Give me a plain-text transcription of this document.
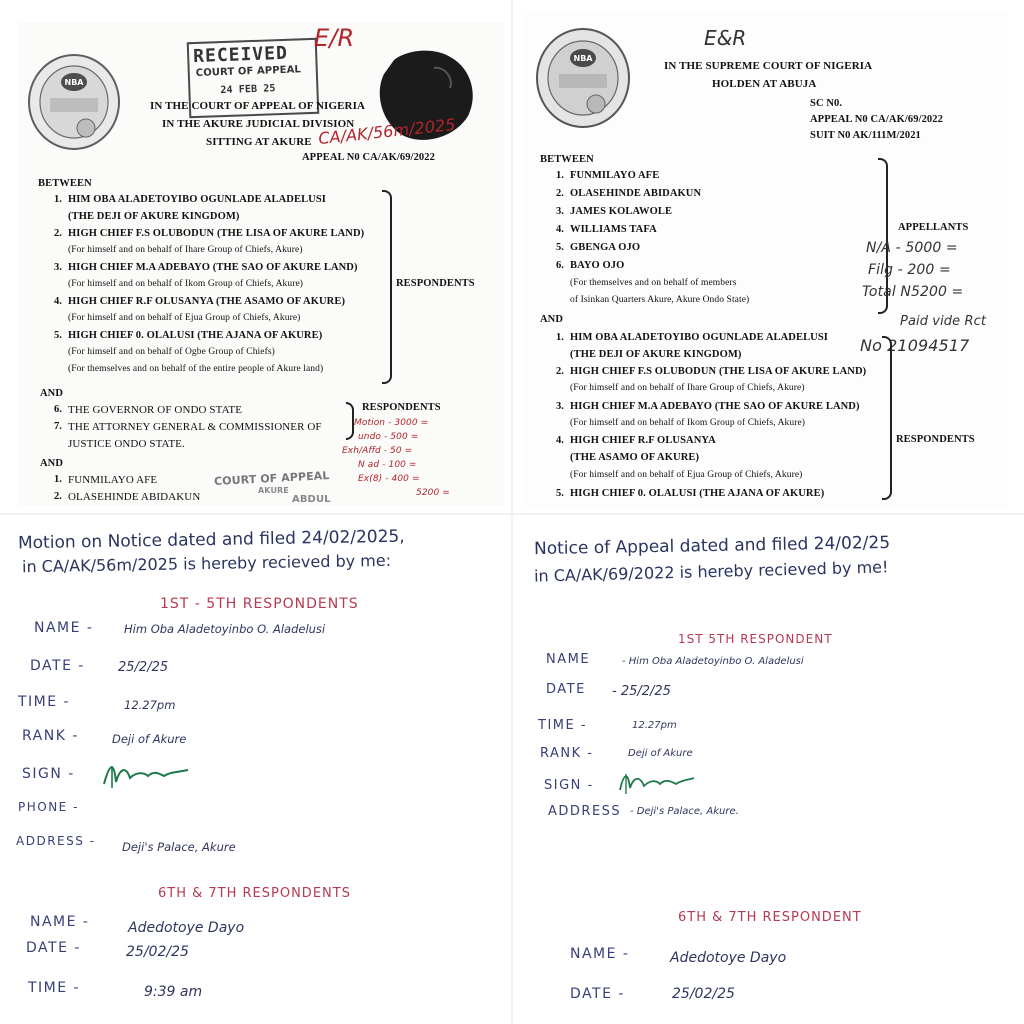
NBA
RECEIVED
COURT OF APPEAL
24 FEB 25
E/R
IN THE COURT OF APPEAL OF NIGERIA
IN THE AKURE JUDICIAL DIVISION
SITTING AT AKURE CA/AK/56m/2025
APPEAL N0 CA/AK/69/2022
BETWEEN
1. HIM OBA ALADETOYIBO OGUNLADE ALADELUSI
(THE DEJI OF AKURE KINGDOM)
2. HIGH CHIEF F.S OLUBODUN (THE LISA OF AKURE LAND)
(For himself and on behalf of Ihare Group of Chiefs, Akure)
3. HIGH CHIEF M.A ADEBAYO (THE SAO OF AKURE LAND)
(For himself and on behalf of Ikom Group of Chiefs, Akure)
4. HIGH CHIEF R.F OLUSANYA (THE ASAMO OF AKURE)
(For himself and on behalf of Ejua Group of Chiefs, Akure)
5. HIGH CHIEF 0. OLALUSI (THE AJANA OF AKURE)
(For himself and on behalf of Ogbe Group of Chiefs)
(For themselves and on behalf of the entire people of Akure land)
RESPONDENTS
AND
6. THE GOVERNOR OF ONDO STATE
7. THE ATTORNEY GENERAL & COMMISSIONER OF
JUSTICE ONDO STATE.
RESPONDENTS
Motion - 3000 =
undo - 500 =
Exh/Affd - 50 =
N ad - 100 =
Ex(8) - 400 =
5200 =
AND
1. FUNMILAYO AFE
2. OLASEHINDE ABIDAKUN
COURT OF APPEAL
AKURE
ABDUL
NBA
E&R
IN THE SUPREME COURT OF NIGERIA
HOLDEN AT ABUJA
SC N0.
APPEAL N0 CA/AK/69/2022
SUIT N0 AK/111M/2021
BETWEEN
1. FUNMILAYO AFE
2. OLASEHINDE ABIDAKUN
3. JAMES KOLAWOLE
4. WILLIAMS TAFA
5. GBENGA OJO
6. BAYO OJO
(For themselves and on behalf of members
of Isinkan Quarters Akure, Akure Ondo State)
APPELLANTS
N/A - 5000 =
Filg - 200 =
Total N5200 =
Paid vide Rct
No 21094517
AND
1. HIM OBA ALADETOYIBO OGUNLADE ALADELUSI
(THE DEJI OF AKURE KINGDOM)
2. HIGH CHIEF F.S OLUBODUN (THE LISA OF AKURE LAND)
(For himself and on behalf of Ihare Group of Chiefs, Akure)
3. HIGH CHIEF M.A ADEBAYO (THE SAO OF AKURE LAND)
(For himself and on behalf of Ikom Group of Chiefs, Akure)
4. HIGH CHIEF R.F OLUSANYA
(THE ASAMO OF AKURE)
(For himself and on behalf of Ejua Group of Chiefs, Akure)
5. HIGH CHIEF 0. OLALUSI (THE AJANA OF AKURE)
RESPONDENTS
Motion on Notice dated and filed 24/02/2025,
in CA/AK/56m/2025 is hereby recieved by me:
1ST - 5TH RESPONDENTS
NAME -	Him Oba Aladetoyinbo O. Aladelusi
DATE -	25/2/25
TIME -	12.27pm
RANK -	Deji of Akure
SIGN -
PHONE -
ADDRESS - Deji's Palace, Akure
6TH & 7TH RESPONDENTS
NAME -	Adedotoye Dayo
DATE -	25/02/25
TIME -	9:39 am
Notice of Appeal dated and filed 24/02/25
in CA/AK/69/2022 is hereby recieved by me!
1ST 5TH RESPONDENT
NAME	- Him Oba Aladetoyinbo O. Aladelusi
DATE - 25/2/25
TIME -	12.27pm
RANK -	Deji of Akure
SIGN -
ADDRESS - Deji's Palace, Akure.
6TH & 7TH RESPONDENT
NAME -	Adedotoye Dayo
DATE -	25/02/25
